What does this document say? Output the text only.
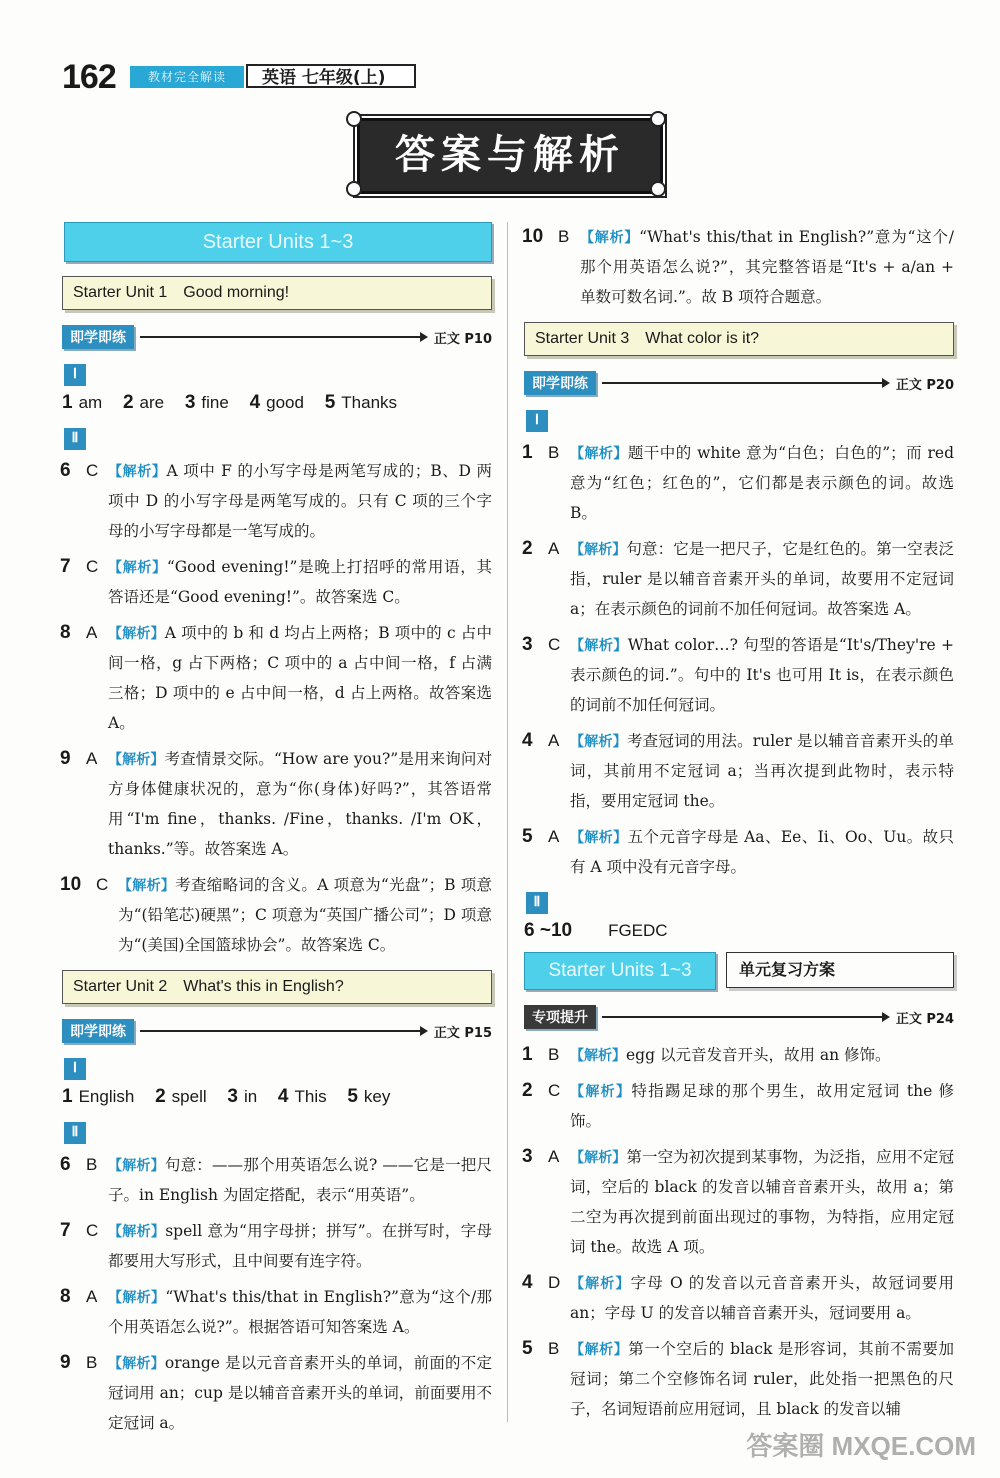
162	教材完全解读	英语 七年级(上)
答案与解析
Starter Units 1~3
Starter Unit 1　Good morning!
即学即练	正文 P10
Ⅰ
1 am 2 are 3 fine 4 good 5 Thanks
Ⅱ
6 C 【解析】A 项中 F 的小写字母是两笔写成的；B、D 两项中 D 的小写字母是两笔写成的。只有 C 项的三个字母的小写字母都是一笔写成的。
7 C 【解析】“Good evening!”是晚上打招呼的常用语，其答语还是“Good evening!”。故答案选 C。
8 A 【解析】A 项中的 b 和 d 均占上两格；B 项中的 c 占中间一格，g 占下两格；C 项中的 a 占中间一格，f 占满三格；D 项中的 e 占中间一格，d 占上两格。故答案选 A。
9 A 【解析】考查情景交际。“How are you?”是用来询问对方身体健康状况的，意为“你(身体)好吗?”，其答语常用“I'm fine，thanks. /Fine，thanks. /I'm OK，thanks.”等。故答案选 A。
10 C 【解析】考查缩略词的含义。A 项意为“光盘”；B 项意为“(铅笔芯)硬黑”；C 项意为“英国广播公司”；D 项意为“(美国)全国篮球协会”。故答案选 C。
Starter Unit 2　What's this in English?
即学即练	正文 P15
Ⅰ
1 English 2 spell 3 in 4 This 5 key
Ⅱ
6 B 【解析】句意：——那个用英语怎么说? ——它是一把尺子。in English 为固定搭配，表示“用英语”。
7 C 【解析】spell 意为“用字母拼；拼写”。在拼写时，字母都要用大写形式，且中间要有连字符。
8 A 【解析】“What's this/that in English?”意为“这个/那个用英语怎么说?”。根据答语可知答案选 A。
9 B 【解析】orange 是以元音音素开头的单词，前面的不定冠词用 an；cup 是以辅音音素开头的单词，前面要用不定冠词 a。
10 B 【解析】“What's this/that in English?”意为“这个/那个用英语怎么说?”，其完整答语是“It's + a/an + 单数可数名词.”。故 B 项符合题意。
Starter Unit 3　What color is it?
即学即练	正文 P20
Ⅰ
1 B 【解析】题干中的 white 意为“白色；白色的”；而 red 意为“红色；红色的”，它们都是表示颜色的词。故选 B。
2 A 【解析】句意：它是一把尺子，它是红色的。第一空表泛指，ruler 是以辅音音素开头的单词，故要用不定冠词 a；在表示颜色的词前不加任何冠词。故答案选 A。
3 C 【解析】What color…? 句型的答语是“It's/They're + 表示颜色的词.”。句中的 It's 也可用 It is，在表示颜色的词前不加任何冠词。
4 A 【解析】考查冠词的用法。ruler 是以辅音音素开头的单词，其前用不定冠词 a；当再次提到此物时，表示特指，要用定冠词 the。
5 A 【解析】五个元音字母是 Aa、Ee、Ii、Oo、Uu。故只有 A 项中没有元音字母。
Ⅱ
6 ~10 FGEDC
Starter Units 1~3	单元复习方案
专项提升	正文 P24
1 B 【解析】egg 以元音发音开头，故用 an 修饰。
2 C 【解析】特指踢足球的那个男生，故用定冠词 the 修饰。
3 A 【解析】第一空为初次提到某事物，为泛指，应用不定冠词，空后的 black 的发音以辅音音素开头，故用 a；第二空为再次提到前面出现过的事物，为特指，应用定冠词 the。故选 A 项。
4 D 【解析】字母 O 的发音以元音音素开头，故冠词要用 an；字母 U 的发音以辅音音素开头，冠词要用 a。
5 B 【解析】第一个空后的 black 是形容词，其前不需要加冠词；第二个空修饰名词 ruler，此处指一把黑色的尺子，名词短语前应用冠词，且 black 的发音以辅
答案圈 MXQE.COM
